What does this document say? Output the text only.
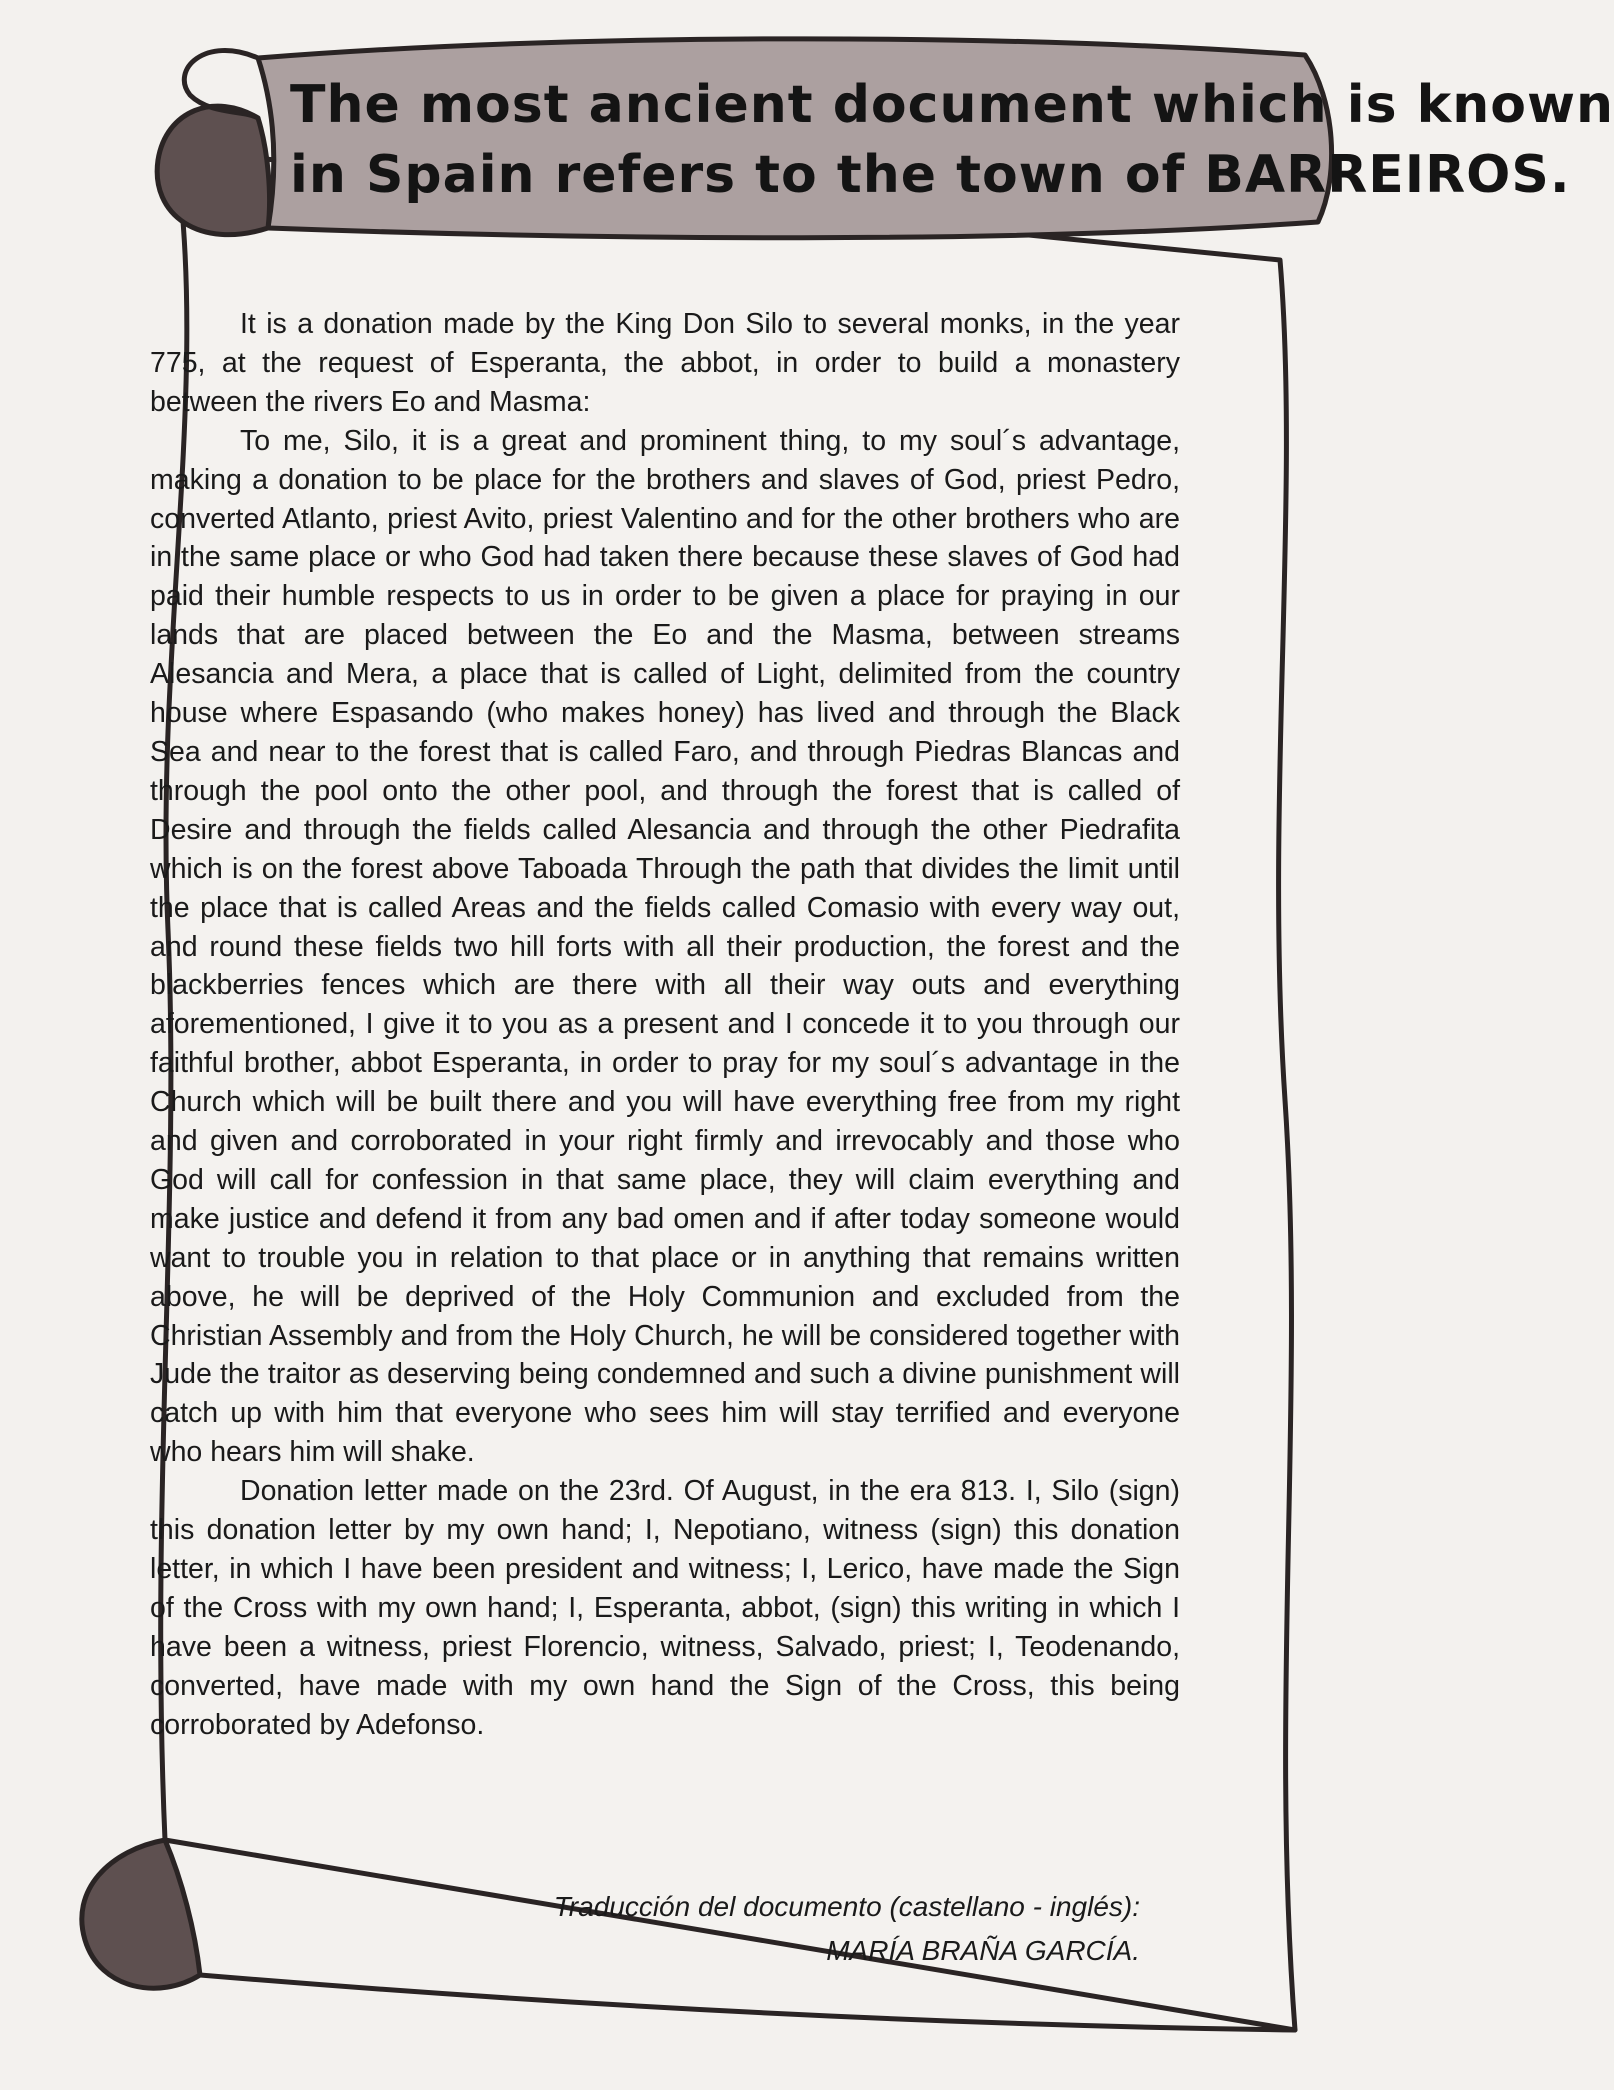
The most ancient document which is known
in Spain refers to the town of BARREIROS.

It is a donation made by the King Don Silo to several monks, in the year 775, at the request of Esperanta, the abbot, in order to build a monastery between the rivers Eo and Masma:

To me, Silo, it is a great and prominent thing, to my soul´s advantage, making a donation to be place for the brothers and slaves of God, priest Pedro, converted Atlanto, priest Avito, priest Valentino and for the other brothers who are in the same place or who God had taken there because these slaves of God had paid their humble respects to us in order to be given a place for praying in our lands that are placed between the Eo and the Masma, between streams Alesancia and Mera, a place that is called of Light, delimited from the country house where Espasando (who makes honey) has lived and through the Black Sea and near to the forest that is called Faro, and through Piedras Blancas and through the pool onto the other pool, and through the forest that is called of Desire and through the fields called Alesancia and through the other Piedrafita which is on the forest above Taboada Through the path that divides the limit until the place that is called Areas and the fields called Comasio with every way out, and round these fields two hill forts with all their production, the forest and the blackberries fences which are there with all their way outs and everything aforementioned, I give it to you as a present and I concede it to you through our faithful brother, abbot Esperanta, in order to pray for my soul´s advantage in the Church which will be built there and you will have everything free from my right and given and corroborated in your right firmly and irrevocably and those who God will call for confession in that same place, they will claim everything and make justice and defend it from any bad omen and if after today someone would want to trouble you in relation to that place or in anything that remains written above, he will be deprived of the Holy Communion and excluded from the Christian Assembly and from the Holy Church, he will be considered together with Jude the traitor as deserving being condemned and such a divine punishment will catch up with him that everyone who sees him will stay terrified and everyone who hears him will shake.

Donation letter made on the 23rd. Of August, in the era 813. I, Silo (sign) this donation letter by my own hand; I, Nepotiano, witness (sign) this donation letter, in which I have been president and witness; I, Lerico, have made the Sign of the Cross with my own hand; I, Esperanta, abbot, (sign) this writing in which I have been a witness, priest Florencio, witness, Salvado, priest; I, Teodenando, converted, have made with my own hand the Sign of the Cross, this being corroborated by Adefonso.

Traducción del documento (castellano - inglés):
MARÍA BRAÑA GARCÍA.
